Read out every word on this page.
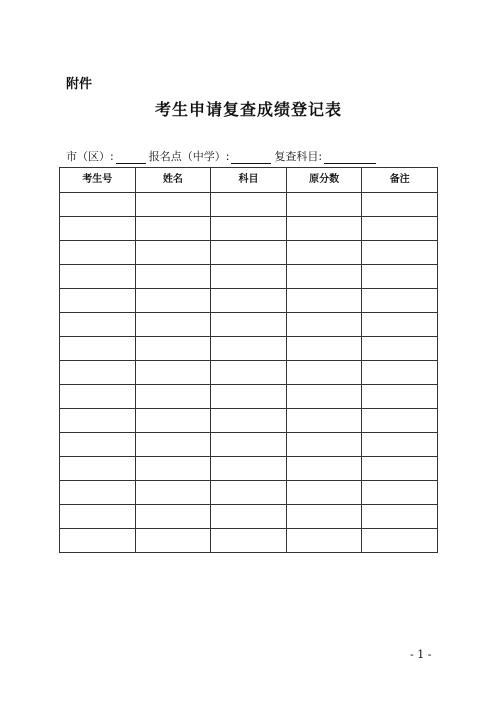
附件
考生申请复查成绩登记表
市（区）:	报名点（中学）:	复查科目:
考生号	姓名	科目	原分数	备注

- 1 -
